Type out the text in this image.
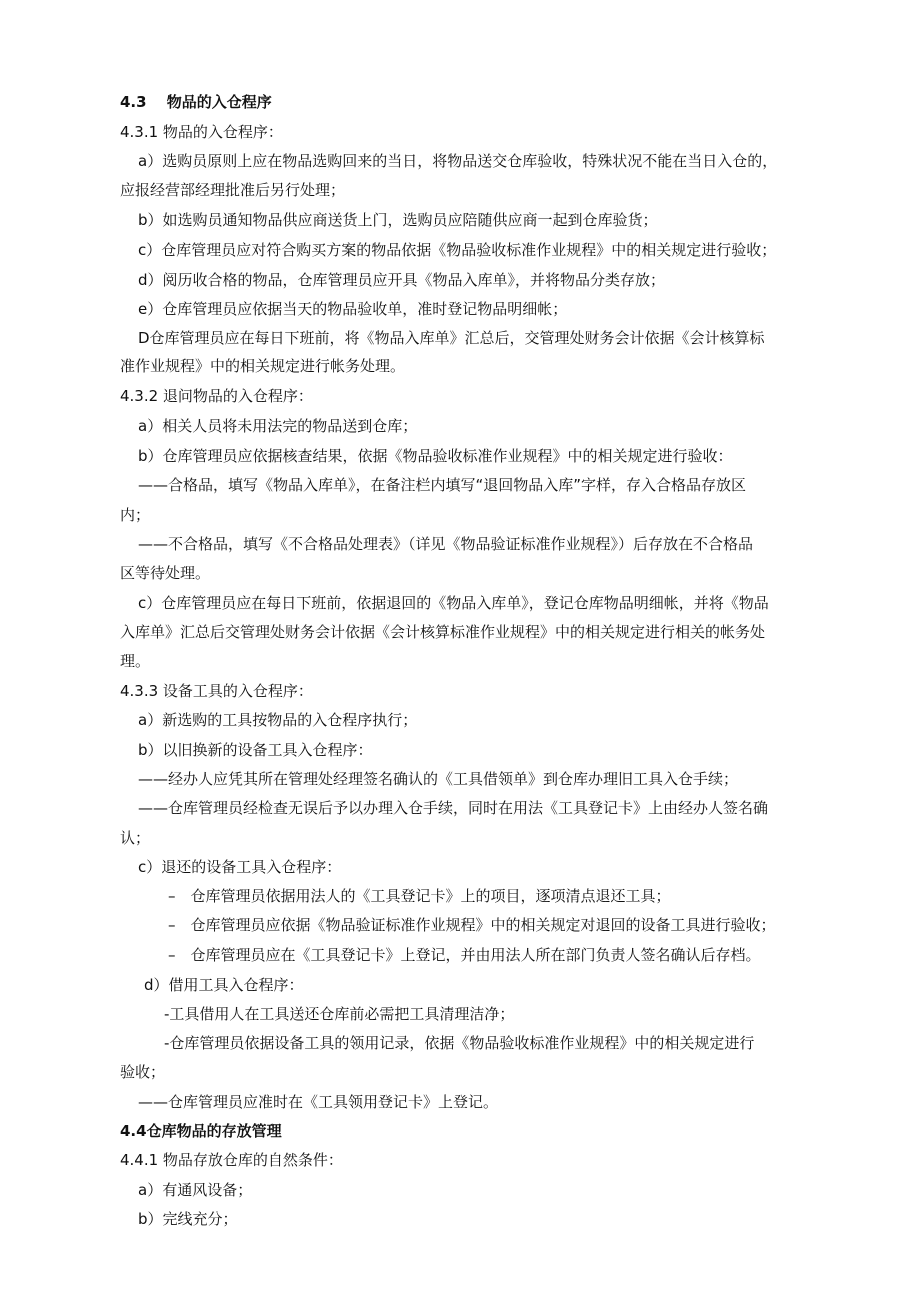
4.3　 物品的入仓程序
4.3.1 物品的入仓程序：
a）选购员原则上应在物品选购回来的当日，将物品送交仓库验收，特殊状况不能在当日入仓的，
应报经营部经理批准后另行处理；
b）如选购员通知物品供应商送货上门，选购员应陪随供应商一起到仓库验货；
c）仓库管理员应对符合购买方案的物品依据《物品验收标准作业规程》中的相关规定进行验收；
d）阅历收合格的物品，仓库管理员应开具《物品入库单》，并将物品分类存放；
e）仓库管理员应依据当天的物品验收单，准时登记物品明细帐；
D仓库管理员应在每日下班前，将《物品入库单》汇总后，交管理处财务会计依据《会计核算标
准作业规程》中的相关规定进行帐务处理。
4.3.2 退问物品的入仓程序：
a）相关人员将未用法完的物品送到仓库；
b）仓库管理员应依据核查结果，依据《物品验收标准作业规程》中的相关规定进行验收：
——合格品，填写《物品入库单》，在备注栏内填写“退回物品入库”字样，存入合格品存放区
内；
——不合格品，填写《不合格品处理表》（详见《物品验证标准作业规程》）后存放在不合格品
区等待处理。
c）仓库管理员应在每日下班前，依据退回的《物品入库单》，登记仓库物品明细帐，并将《物品
入库单》汇总后交管理处财务会计依据《会计核算标准作业规程》中的相关规定进行相关的帐务处
理。
4.3.3 设备工具的入仓程序：
a）新选购的工具按物品的入仓程序执行；
b）以旧换新的设备工具入仓程序：
——经办人应凭其所在管理处经理签名确认的《工具借领单》到仓库办理旧工具入仓手续；
——仓库管理员经检查无误后予以办理入仓手续，同时在用法《工具登记卡》上由经办人签名确
认；
c）退还的设备工具入仓程序：
–　仓库管理员依据用法人的《工具登记卡》上的项目，逐项清点退还工具；
–　仓库管理员应依据《物品验证标准作业规程》中的相关规定对退回的设备工具进行验收；
–　仓库管理员应在《工具登记卡》上登记，并由用法人所在部门负责人签名确认后存档。
d）借用工具入仓程序：
-工具借用人在工具送还仓库前必需把工具清理洁净；
-仓库管理员依据设备工具的领用记录，依据《物品验收标准作业规程》中的相关规定进行
验收；
——仓库管理员应准时在《工具领用登记卡》上登记。
4.4仓库物品的存放管理
4.4.1 物品存放仓库的自然条件：
a）有通风设备；
b）完线充分；
